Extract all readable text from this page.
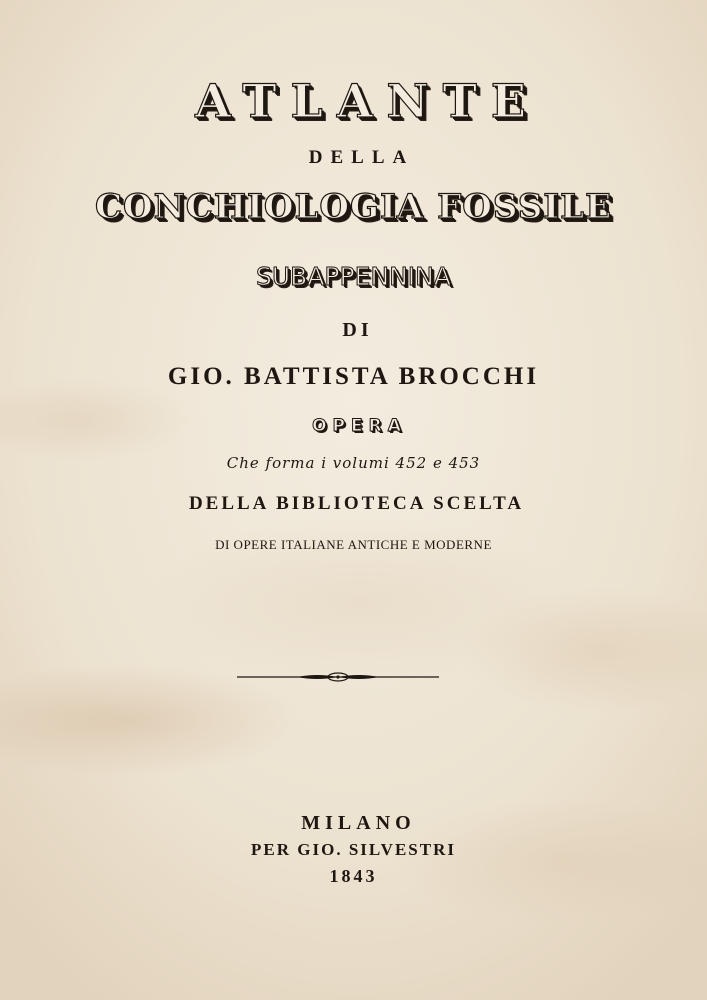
ATLANTE
DELLA
CONCHIOLOGIA FOSSILE
SUBAPPENNINA
DI
GIO. BATTISTA BROCCHI
OPERA
Che forma i volumi 452 e 453
DELLA BIBLIOTECA SCELTA
DI OPERE ITALIANE ANTICHE E MODERNE
MILANO
PER GIO. SILVESTRI
1843
